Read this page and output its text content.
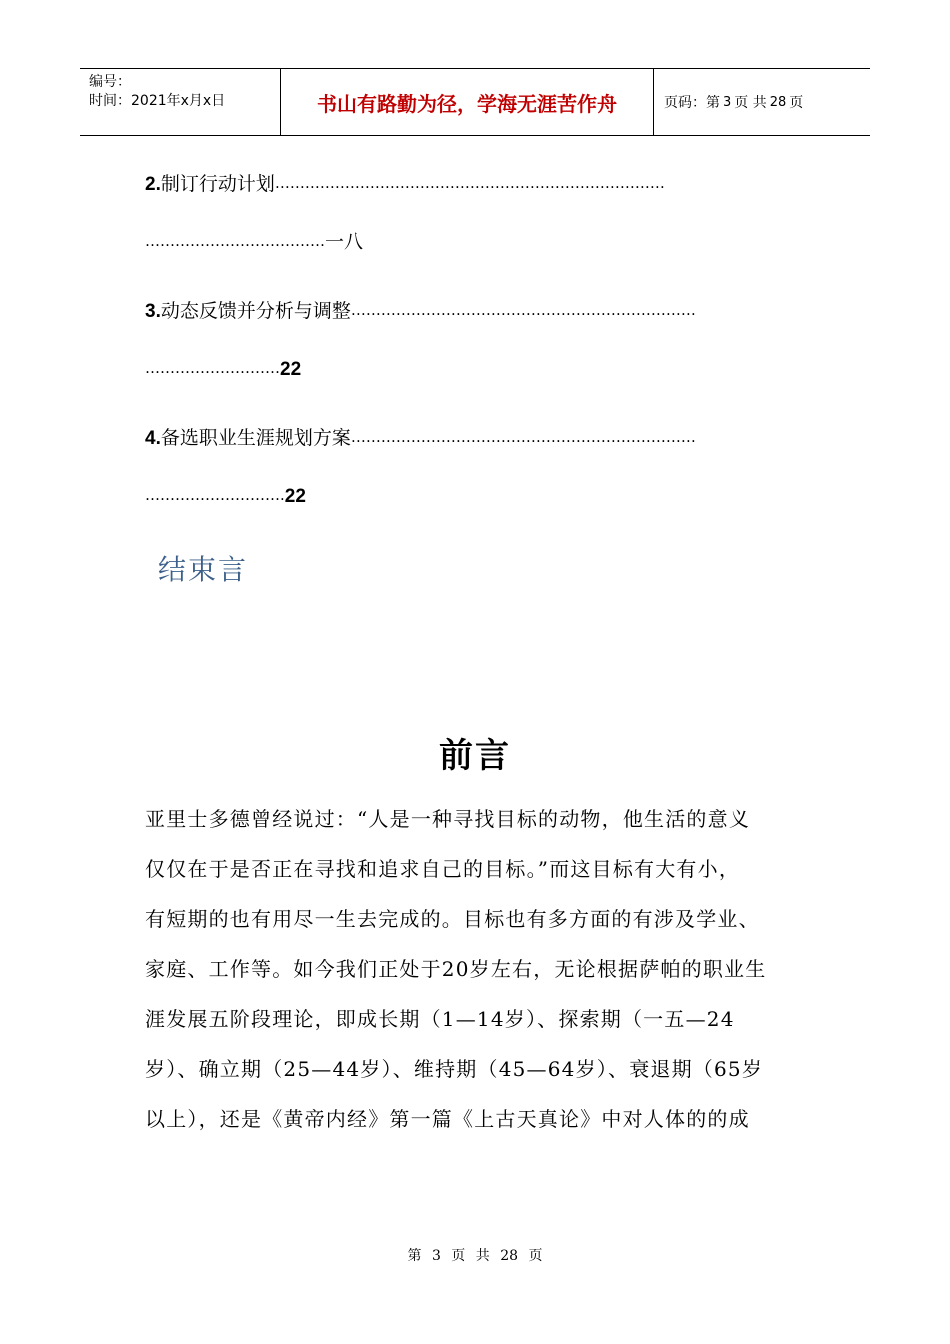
编号：
时间：2021年x月x日	书山有路勤为径，学海无涯苦作舟	页码：第 3 页 共 28 页
2.制订行动计划……………………………………………………………………
………………………………一八
3.动态反馈并分析与调整……………………………………………………………
………………………22
4.备选职业生涯规划方案……………………………………………………………
……………………….22
结束言
前言
亚里士多德曾经说过：“人是一种寻找目标的动物，他生活的意义
仅仅在于是否正在寻找和追求自己的目标。”而这目标有大有小，
有短期的也有用尽一生去完成的。目标也有多方面的有涉及学业、
家庭、工作等。如今我们正处于20岁左右，无论根据萨帕的职业生
涯发展五阶段理论，即成长期（1—14岁）、探索期（一五—24
岁）、确立期（25—44岁）、维持期（45—64岁）、衰退期（65岁
以上），还是《黄帝内经》第一篇《上古天真论》中对人体的的成
第 3 页 共 28 页
